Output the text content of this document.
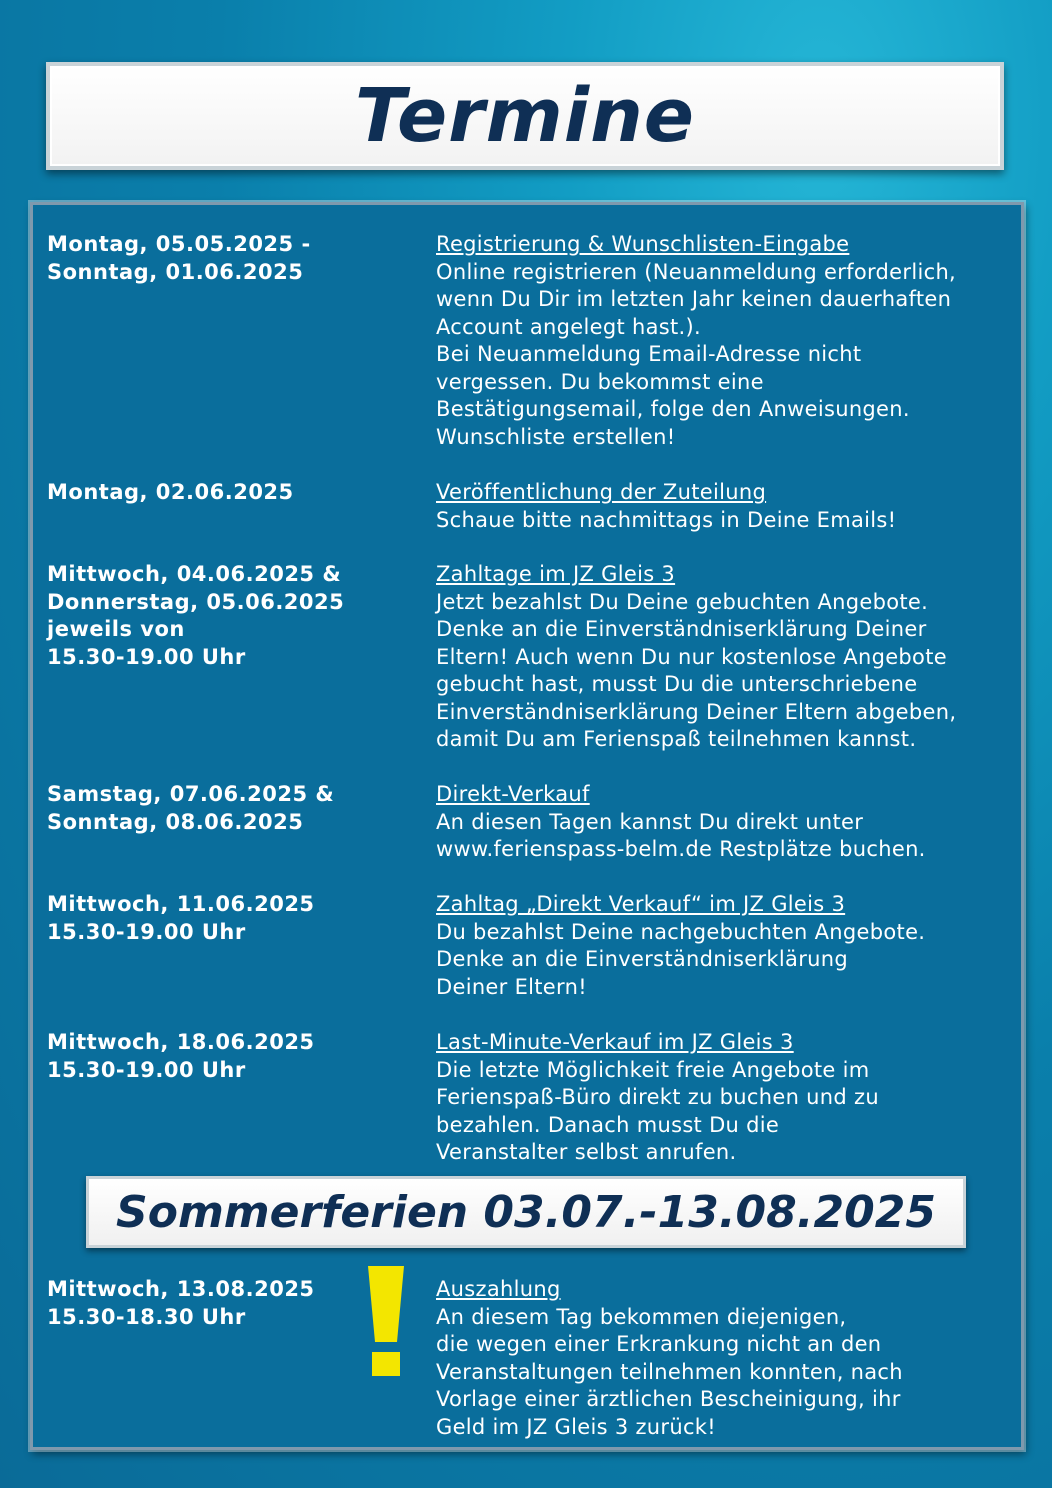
Termine
Montag, 05.05.2025 -
Sonntag, 01.06.2025
Registrierung & Wunschlisten-Eingabe
Online registrieren (Neuanmeldung erforderlich,
wenn Du Dir im letzten Jahr keinen dauerhaften
Account angelegt hast.).
Bei Neuanmeldung Email-Adresse nicht
vergessen. Du bekommst eine
Bestätigungsemail, folge den Anweisungen.
Wunschliste erstellen!
Montag, 02.06.2025	Veröffentlichung der Zuteilung
Schaue bitte nachmittags in Deine Emails!
Mittwoch, 04.06.2025 &
Donnerstag, 05.06.2025
jeweils von
15.30-19.00 Uhr
Zahltage im JZ Gleis 3
Jetzt bezahlst Du Deine gebuchten Angebote.
Denke an die Einverständniserklärung Deiner
Eltern! Auch wenn Du nur kostenlose Angebote
gebucht hast, musst Du die unterschriebene
Einverständniserklärung Deiner Eltern abgeben,
damit Du am Ferienspaß teilnehmen kannst.
Samstag, 07.06.2025 &
Sonntag, 08.06.2025
Direkt-Verkauf
An diesen Tagen kannst Du direkt unter
www.ferienspass-belm.de Restplätze buchen.
Mittwoch, 11.06.2025
15.30-19.00 Uhr
Zahltag „Direkt Verkauf“ im JZ Gleis 3
Du bezahlst Deine nachgebuchten Angebote.
Denke an die Einverständniserklärung
Deiner Eltern!
Mittwoch, 18.06.2025
15.30-19.00 Uhr
Last-Minute-Verkauf im JZ Gleis 3
Die letzte Möglichkeit freie Angebote im
Ferienspaß-Büro direkt zu buchen und zu
bezahlen. Danach musst Du die
Veranstalter selbst anrufen.
Mittwoch, 13.08.2025
15.30-18.30 Uhr
Auszahlung
An diesem Tag bekommen diejenigen,
die wegen einer Erkrankung nicht an den
Veranstaltungen teilnehmen konnten, nach
Vorlage einer ärztlichen Bescheinigung, ihr
Geld im JZ Gleis 3 zurück!
Sommerferien 03.07.-13.08.2025
